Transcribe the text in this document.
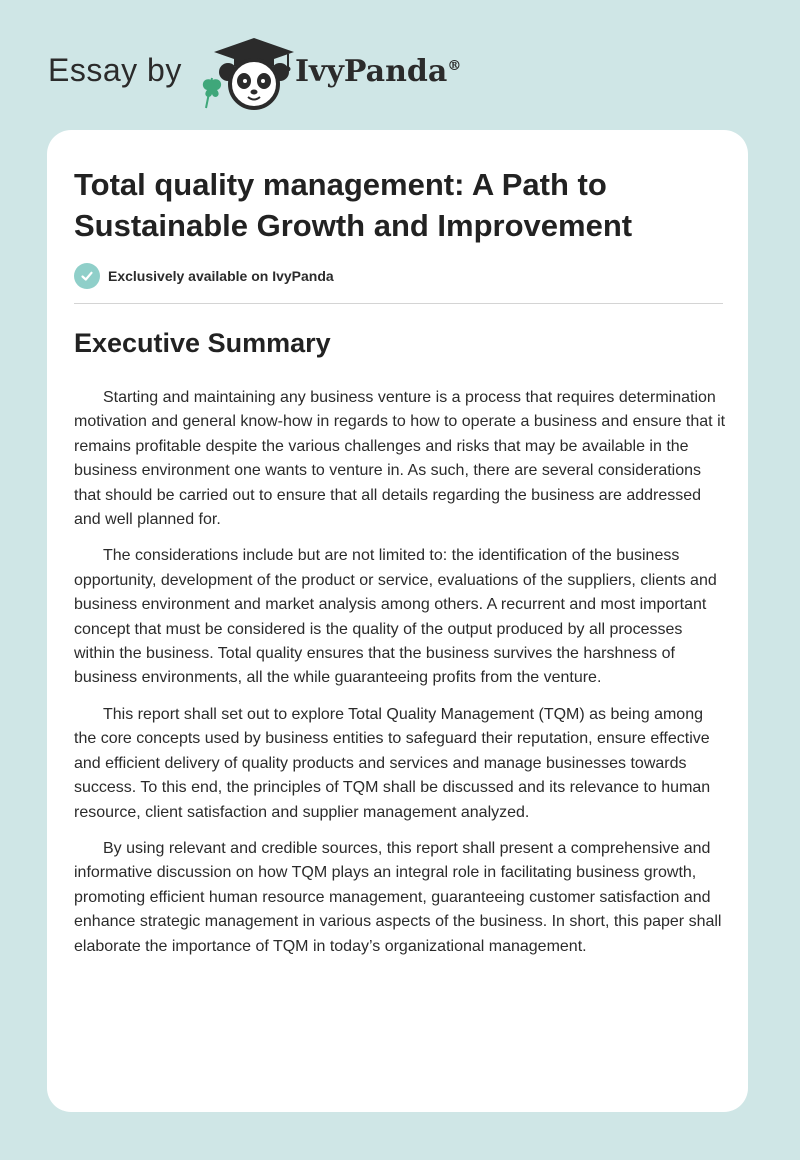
Essay by	IvyPanda®
Total quality management: A Path to Sustainable Growth and Improvement
Exclusively available on IvyPanda
Executive Summary

Starting and maintaining any business venture is a process that requires determination motivation and general know-how in regards to how to operate a business and ensure that it remains profitable despite the various challenges and risks that may be available in the business environment one wants to venture in. As such, there are several considerations that should be carried out to ensure that all details regarding the business are addressed and well planned for.

The considerations include but are not limited to: the identification of the business opportunity, development of the product or service, evaluations of the suppliers, clients and business environment and market analysis among others. A recurrent and most important concept that must be considered is the quality of the output produced by all processes within the business. Total quality ensures that the business survives the harshness of business environments, all the while guaranteeing profits from the venture.

This report shall set out to explore Total Quality Management (TQM) as being among the core concepts used by business entities to safeguard their reputation, ensure effective and efficient delivery of quality products and services and manage businesses towards success. To this end, the principles of TQM shall be discussed and its relevance to human resource, client satisfaction and supplier management analyzed.

By using relevant and credible sources, this report shall present a comprehensive and informative discussion on how TQM plays an integral role in facilitating business growth, promoting efficient human resource management, guaranteeing customer satisfaction and enhance strategic management in various aspects of the business. In short, this paper shall elaborate the importance of TQM in today’s organizational management.
